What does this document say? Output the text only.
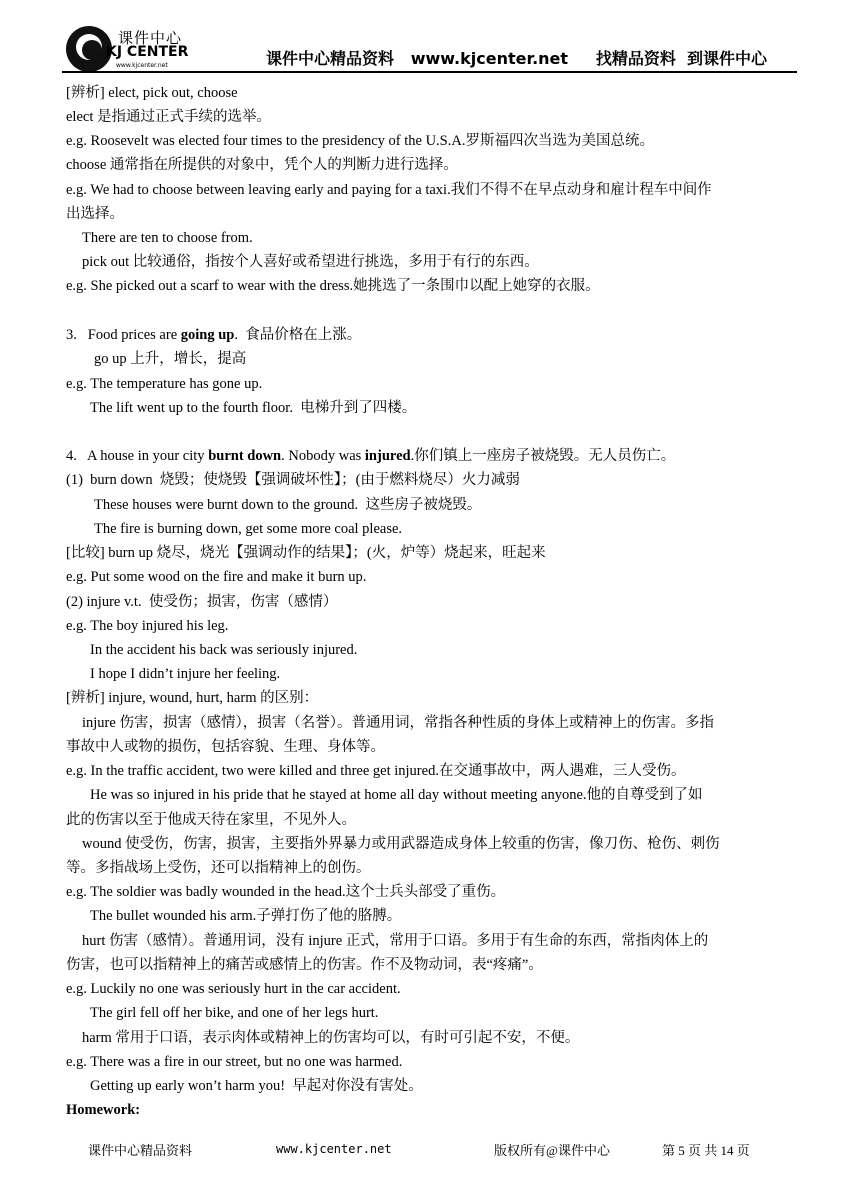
课件中心
KJ CENTER
www.kjcenter.net	课件中心精品资料   www.kjcenter.net     找精品资料  到课件中心
[辨析] elect, pick out, choose
elect 是指通过正式手续的选举。
e.g. Roosevelt was elected four times to the presidency of the U.S.A.罗斯福四次当选为美国总统。
choose 通常指在所提供的对象中，凭个人的判断力进行选择。
e.g. We had to choose between leaving early and paying for a taxi.我们不得不在早点动身和雇计程车中间作
出选择。
There are ten to choose from.
pick out 比较通俗，指按个人喜好或希望进行挑选，多用于有行的东西。
e.g. She picked out a scarf to wear with the dress.她挑选了一条围巾以配上她穿的衣服。
3.   Food prices are going up.  食品价格在上涨。
go up 上升，增长，提高
e.g. The temperature has gone up.
The lift went up to the fourth floor.  电梯升到了四楼。
4.   A house in your city burnt down. Nobody was injured.你们镇上一座房子被烧毁。无人员伤亡。
(1)  burn down  烧毁；使烧毁【强调破坏性】；(由于燃料烧尽）火力减弱
These houses were burnt down to the ground.  这些房子被烧毁。
The fire is burning down, get some more coal please.
[比较] burn up 烧尽，烧光【强调动作的结果】；(火，炉等）烧起来，旺起来
e.g. Put some wood on the fire and make it burn up.
(2) injure v.t.  使受伤；损害，伤害（感情）
e.g. The boy injured his leg.
In the accident his back was seriously injured.
I hope I didn’t injure her feeling.
[辨析] injure, wound, hurt, harm 的区别：
injure 伤害，损害（感情），损害（名誉）。普通用词，常指各种性质的身体上或精神上的伤害。多指
事故中人或物的损伤，包括容貌、生理、身体等。
e.g. In the traffic accident, two were killed and three get injured.在交通事故中，两人遇难，三人受伤。
He was so injured in his pride that he stayed at home all day without meeting anyone.他的自尊受到了如
此的伤害以至于他成天待在家里，不见外人。
wound 使受伤，伤害，损害，主要指外界暴力或用武器造成身体上较重的伤害，像刀伤、枪伤、刺伤
等。多指战场上受伤，还可以指精神上的创伤。
e.g. The soldier was badly wounded in the head.这个士兵头部受了重伤。
The bullet wounded his arm.子弹打伤了他的胳膊。
hurt 伤害（感情）。普通用词，没有 injure 正式，常用于口语。多用于有生命的东西，常指肉体上的
伤害，也可以指精神上的痛苦或感情上的伤害。作不及物动词，表“疼痛”。
e.g. Luckily no one was seriously hurt in the car accident.
The girl fell off her bike, and one of her legs hurt.
harm 常用于口语，表示肉体或精神上的伤害均可以，有时可引起不安，不便。
e.g. There was a fire in our street, but no one was harmed.
Getting up early won’t harm you!  早起对你没有害处。
Homework:
课件中心精品资料	www.kjcenter.net	版权所有@课件中心	第 5 页 共 14 页
